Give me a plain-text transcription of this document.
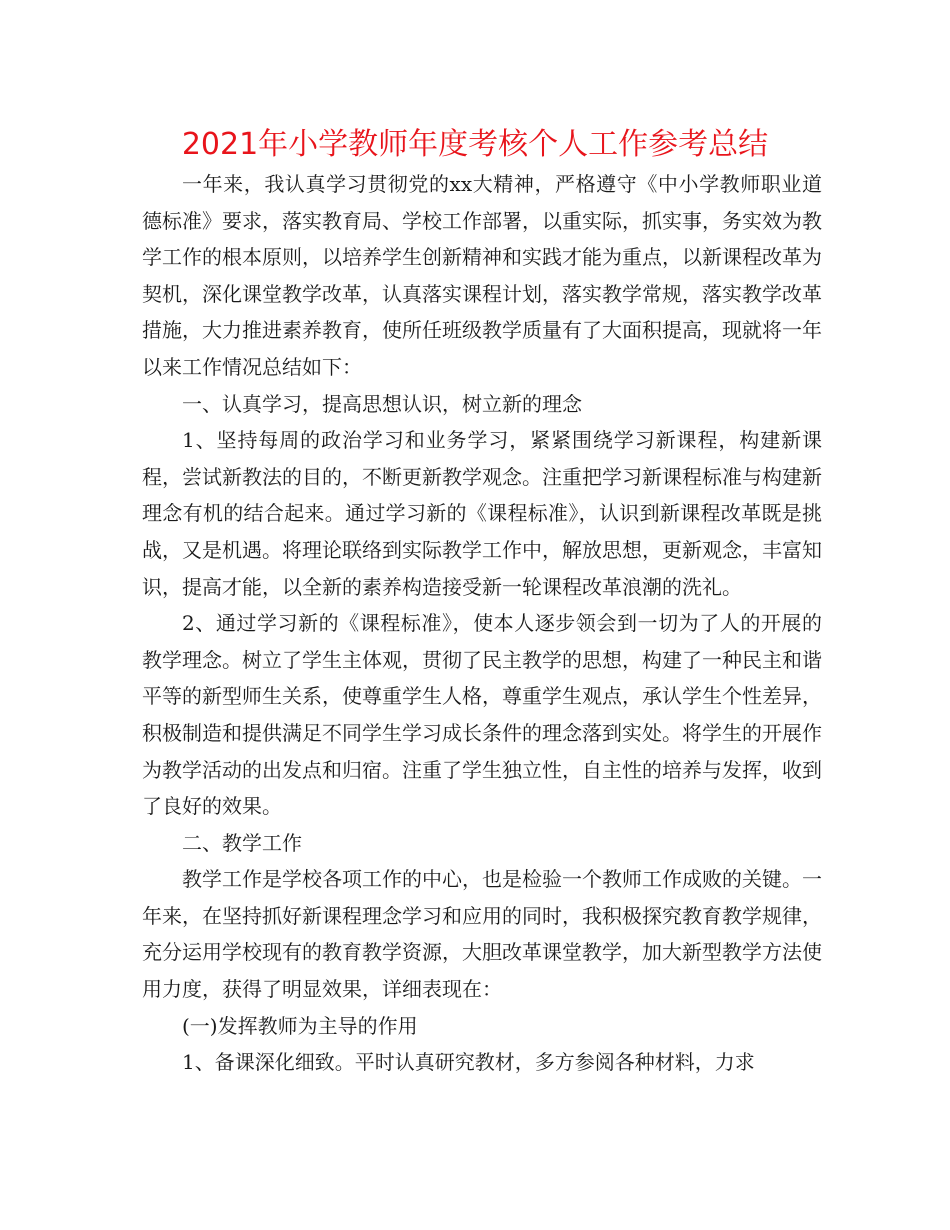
2021年小学教师年度考核个人工作参考总结

一年来，我认真学习贯彻党的xx大精神，严格遵守《中小学教师职业道德标准》要求，落实教育局、学校工作部署，以重实际，抓实事，务实效为教学工作的根本原则，以培养学生创新精神和实践才能为重点，以新课程改革为契机，深化课堂教学改革，认真落实课程计划，落实教学常规，落实教学改革措施，大力推进素养教育，使所任班级教学质量有了大面积提高，现就将一年以来工作情况总结如下：

一、认真学习，提高思想认识，树立新的理念

1、坚持每周的政治学习和业务学习，紧紧围绕学习新课程，构建新课程，尝试新教法的目的，不断更新教学观念。注重把学习新课程标准与构建新理念有机的结合起来。通过学习新的《课程标准》，认识到新课程改革既是挑战，又是机遇。将理论联络到实际教学工作中，解放思想，更新观念，丰富知识，提高才能，以全新的素养构造接受新一轮课程改革浪潮的洗礼。

2、通过学习新的《课程标准》，使本人逐步领会到一切为了人的开展的教学理念。树立了学生主体观，贯彻了民主教学的思想，构建了一种民主和谐平等的新型师生关系，使尊重学生人格，尊重学生观点，承认学生个性差异，积极制造和提供满足不同学生学习成长条件的理念落到实处。将学生的开展作为教学活动的出发点和归宿。注重了学生独立性，自主性的培养与发挥，收到了良好的效果。

二、教学工作

教学工作是学校各项工作的中心，也是检验一个教师工作成败的关键。一年来，在坚持抓好新课程理念学习和应用的同时，我积极探究教育教学规律，充分运用学校现有的教育教学资源，大胆改革课堂教学，加大新型教学方法使用力度，获得了明显效果，详细表现在：

(一)发挥教师为主导的作用

1、备课深化细致。平时认真研究教材，多方参阅各种材料，力求
